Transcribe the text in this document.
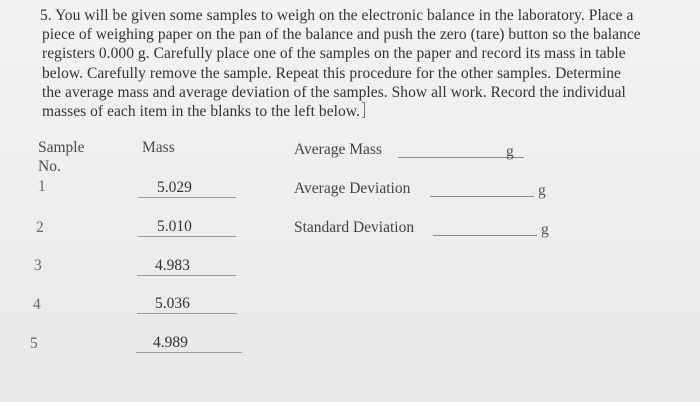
5. You will be given some samples to weigh on the electronic balance in the laboratory. Place a
piece of weighing paper on the pan of the balance and push the zero (tare) button so the balance
registers 0.000 g. Carefully place one of the samples on the paper and record its mass in table
below. Carefully remove the sample. Repeat this procedure for the other samples. Determine
the average mass and average deviation of the samples. Show all work. Record the individual
masses of each item in the blanks to the left below.
Sample
No.
Mass
1	5.029
2	5.010
3	4.983
4	5.036
5	4.989
Average Mass	g
Average Deviation	g
Standard Deviation	g
